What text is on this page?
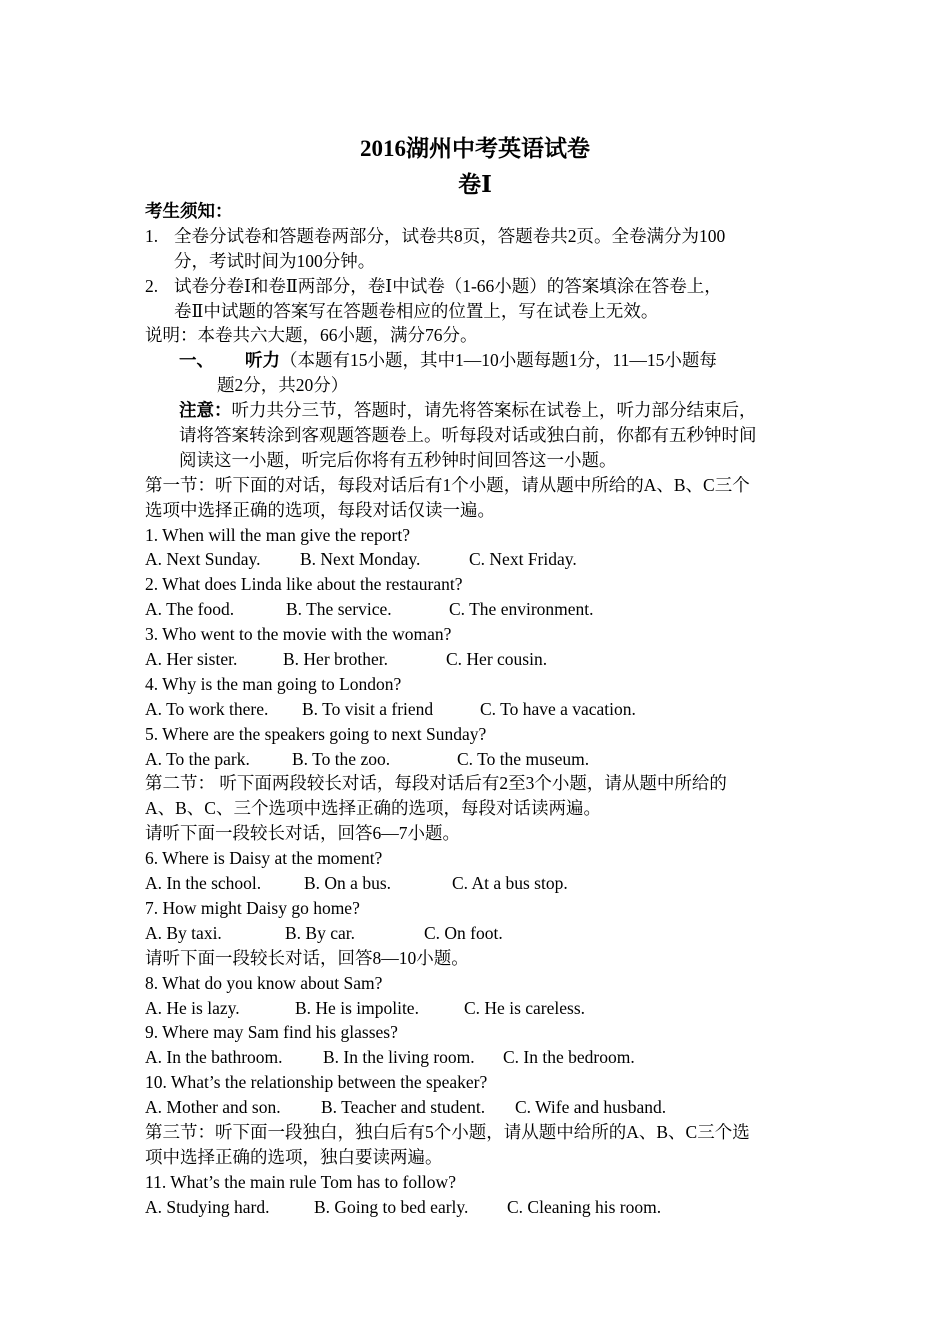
2016湖州中考英语试卷
卷Ⅰ
考生须知：
1. 全卷分试卷和答题卷两部分，试卷共8页，答题卷共2页。全卷满分为100
分，考试时间为100分钟。
2. 试卷分卷Ⅰ和卷Ⅱ两部分，卷Ⅰ中试卷（1-66小题）的答案填涂在答卷上，
卷Ⅱ中试题的答案写在答题卷相应的位置上，写在试卷上无效。
说明：本卷共六大题，66小题，满分76分。
一、 听力（本题有15小题，其中1—10小题每题1分，11—15小题每
题2分，共20分）
注意：听力共分三节，答题时，请先将答案标在试卷上，听力部分结束后，
请将答案转涂到客观题答题卷上。听每段对话或独白前，你都有五秒钟时间
阅读这一小题，听完后你将有五秒钟时间回答这一小题。
第一节：听下面的对话，每段对话后有1个小题，请从题中所给的A、B、C三个
选项中选择正确的选项，每段对话仅读一遍。
1. When will the man give the report?
A. Next Sunday. B. Next Monday.	C. Next Friday.
2. What does Linda like about the restaurant?
A. The food.	B. The service.	C. The environment.
3. Who went to the movie with the woman?
A. Her sister.	B. Her brother.	C. Her cousin.
4. Why is the man going to London?
A. To work there. B. To visit a friend	C. To have a vacation.
5. Where are the speakers going to next Sunday?
A. To the park. B. To the zoo.	C. To the museum.
第二节： 听下面两段较长对话，每段对话后有2至3个小题，请从题中所给的
A、B、C、三个选项中选择正确的选项，每段对话读两遍。
请听下面一段较长对话，回答6—7小题。
6. Where is Daisy at the moment?
A. In the school. B. On a bus.	C. At a bus stop.
7. How might Daisy go home?
A. By taxi.	B. By car.	C. On foot.
请听下面一段较长对话，回答8—10小题。
8. What do you know about Sam?
A. He is lazy.	B. He is impolite.	C. He is careless.
9. Where may Sam find his glasses?
A. In the bathroom. B. In the living room. C. In the bedroom.
10. What’s the relationship between the speaker?
A. Mother and son. B. Teacher and student. C. Wife and husband.
第三节：听下面一段独白，独白后有5个小题，请从题中给所的A、B、C三个选
项中选择正确的选项，独白要读两遍。
11. What’s the main rule Tom has to follow?
A. Studying hard.	B. Going to bed early. C. Cleaning his room.
